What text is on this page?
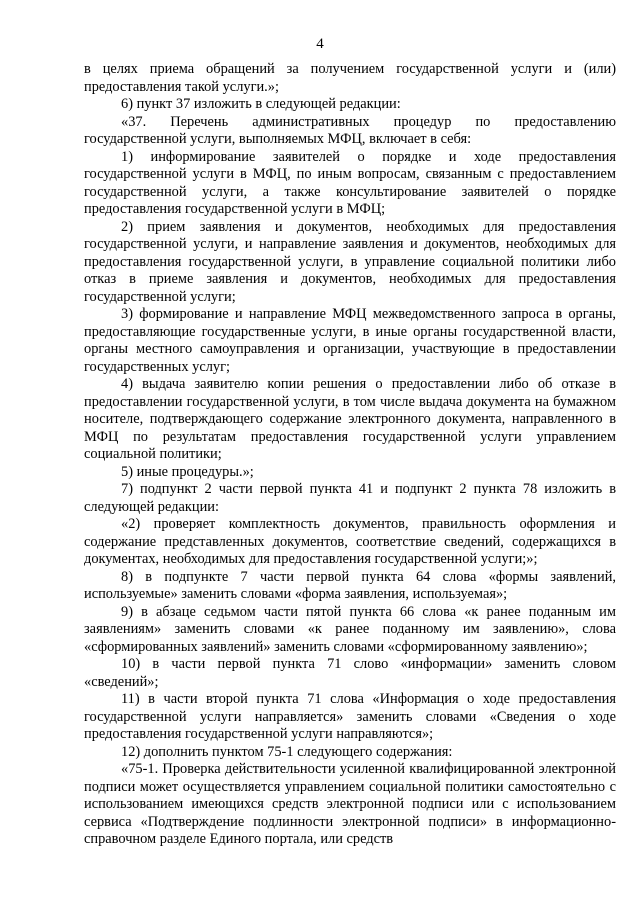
4

в целях приема обращений за получением государственной услуги и (или) предоставления такой услуги.»;

6) пункт 37 изложить в следующей редакции:

«37. Перечень административных процедур по предоставлению государственной услуги, выполняемых МФЦ, включает в себя:

1) информирование заявителей о порядке и ходе предоставления государственной услуги в МФЦ, по иным вопросам, связанным с предоставлением государственной услуги, а также консультирование заявителей о порядке предоставления государственной услуги в МФЦ;

2) прием заявления и документов, необходимых для предоставления государственной услуги, и направление заявления и документов, необходимых для предоставления государственной услуги, в управление социальной политики либо отказ в приеме заявления и документов, необходимых для предоставления государственной услуги;

3) формирование и направление МФЦ межведомственного запроса в органы, предоставляющие государственные услуги, в иные органы государственной власти, органы местного самоуправления и организации, участвующие в предоставлении государственных услуг;

4) выдача заявителю копии решения о предоставлении либо об отказе в предоставлении государственной услуги, в том числе выдача документа на бумажном носителе, подтверждающего содержание электронного документа, направленного в МФЦ по результатам предоставления государственной услуги управлением социальной политики;

5) иные процедуры.»;

7) подпункт 2 части первой пункта 41 и подпункт 2 пункта 78 изложить в следующей редакции:

«2) проверяет комплектность документов, правильность оформления и содержание представленных документов, соответствие сведений, содержащихся в документах, необходимых для предоставления государственной услуги;»;

8) в подпункте 7 части первой пункта 64 слова «формы заявлений, используемые» заменить словами «форма заявления, используемая»;

9) в абзаце седьмом части пятой пункта 66 слова «к ранее поданным им заявлениям» заменить словами «к ранее поданному им заявлению», слова «сформированных заявлений» заменить словами «сформированному заявлению»;

10) в части первой пункта 71 слово «информации» заменить словом «сведений»;

11) в части второй пункта 71 слова «Информация о ходе предоставления государственной услуги направляется» заменить словами «Сведения о ходе предоставления государственной услуги направляются»;

12) дополнить пунктом 75-1 следующего содержания:

«75-1. Проверка действительности усиленной квалифицированной электронной подписи может осуществляется управлением социальной политики самостоятельно с использованием имеющихся средств электронной подписи или с использованием сервиса «Подтверждение подлинности электронной подписи» в информационно-справочном разделе Единого портала, или средств
